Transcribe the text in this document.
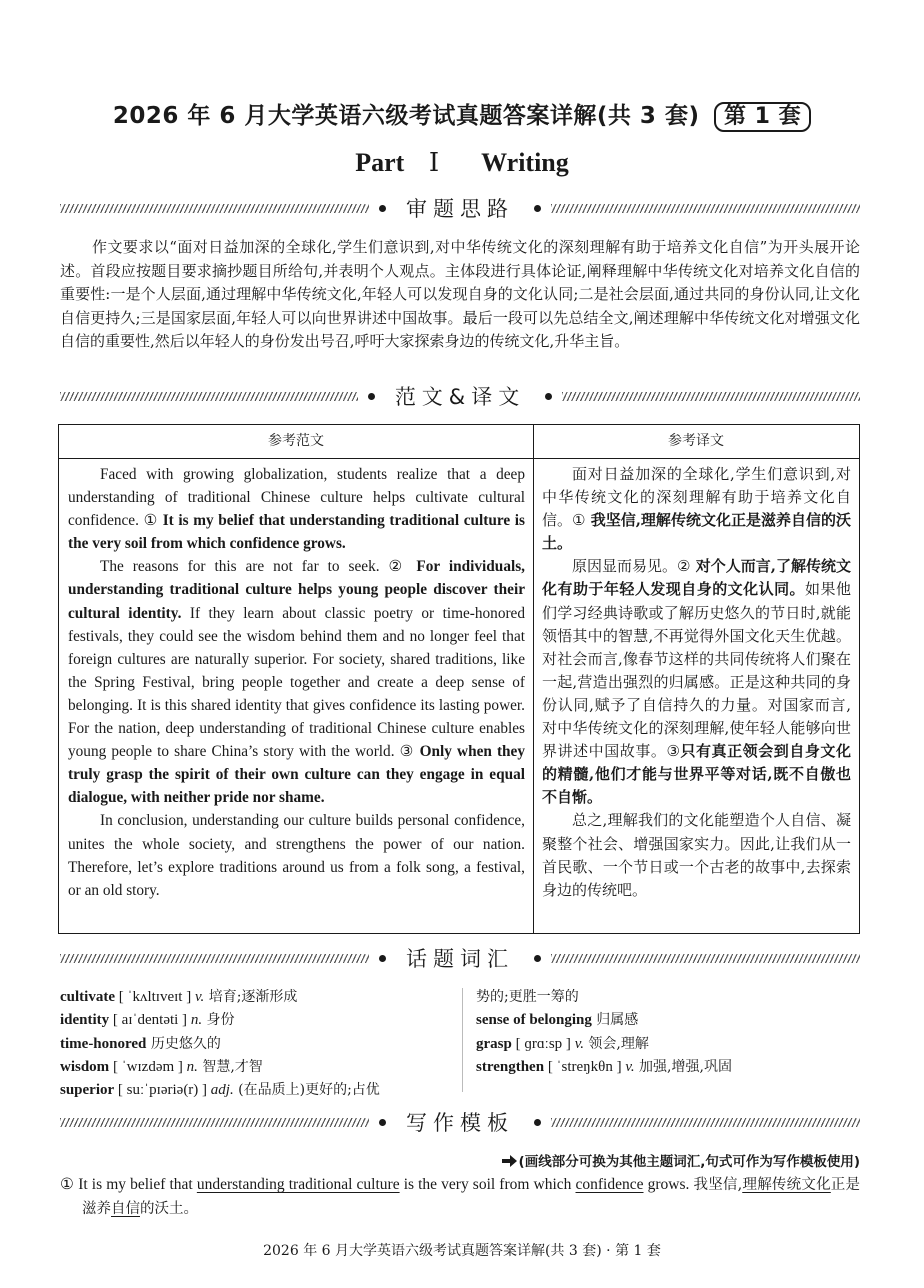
2026 年 6 月大学英语六级考试真题答案详解(共 3 套) 第 1 套
Part Ⅰ Writing
审题思路

作文要求以“面对日益加深的全球化,学生们意识到,对中华传统文化的深刻理解有助于培养文化自信”为开头展开论述。首段应按题目要求摘抄题目所给句,并表明个人观点。主体段进行具体论证,阐释理解中华传统文化对培养文化自信的重要性:一是个人层面,通过理解中华传统文化,年轻人可以发现自身的文化认同;二是社会层面,通过共同的身份认同,让文化自信更持久;三是国家层面,年轻人可以向世界讲述中国故事。最后一段可以先总结全文,阐述理解中华传统文化对增强文化自信的重要性,然后以年轻人的身份发出号召,呼吁大家探索身边的传统文化,升华主旨。

范文&译文
参考范文	参考译文

Faced with growing globalization, students realize that a deep understanding of traditional Chinese culture helps cultivate cultural confidence. ① It is my belief that understanding traditional culture is the very soil from which confidence grows.

The reasons for this are not far to seek. ② For individuals, understanding traditional culture helps young people discover their cultural identity. If they learn about classic poetry or time-honored festivals, they could see the wisdom behind them and no longer feel that foreign cultures are naturally superior. For society, shared traditions, like the Spring Festival, bring people together and create a deep sense of belonging. It is this shared identity that gives confidence its lasting power. For the nation, deep understanding of traditional Chinese culture enables young people to share China’s story with the world. ③ Only when they truly grasp the spirit of their own culture can they engage in equal dialogue, with neither pride nor shame.

In conclusion, understanding our culture builds personal confidence, unites the whole society, and strengthens the power of our nation. Therefore, let’s explore traditions around us from a folk song, a festival, or an old story.

面对日益加深的全球化,学生们意识到,对中华传统文化的深刻理解有助于培养文化自信。① 我坚信,理解传统文化正是滋养自信的沃土。

原因显而易见。② 对个人而言,了解传统文化有助于年轻人发现自身的文化认同。如果他们学习经典诗歌或了解历史悠久的节日时,就能领悟其中的智慧,不再觉得外国文化天生优越。对社会而言,像春节这样的共同传统将人们聚在一起,营造出强烈的归属感。正是这种共同的身份认同,赋予了自信持久的力量。对国家而言,对中华传统文化的深刻理解,使年轻人能够向世界讲述中国故事。③只有真正领会到自身文化的精髓,他们才能与世界平等对话,既不自傲也不自惭。

总之,理解我们的文化能塑造个人自信、凝聚整个社会、增强国家实力。因此,让我们从一首民歌、一个节日或一个古老的故事中,去探索身边的传统吧。

话题词汇
cultivate [ ˈkʌltɪveɪt ] v. 培育;逐渐形成
identity [ aɪˈdentəti ] n. 身份
time-honored 历史悠久的
wisdom [ ˈwɪzdəm ] n. 智慧,才智
superior [ suːˈpɪəriə(r) ] adj. (在品质上)更好的;占优
势的;更胜一筹的
sense of belonging 归属感
grasp [ ɡrɑːsp ] v. 领会,理解
strengthen [ ˈstreŋkθn ] v. 加强,增强,巩固
写作模板
(画线部分可换为其他主题词汇,句式可作为写作模板使用)
① It is my belief that understanding traditional culture is the very soil from which confidence grows. 我坚信,理解传统文化正是滋养自信的沃土。
2026 年 6 月大学英语六级考试真题答案详解(共 3 套) · 第 1 套
